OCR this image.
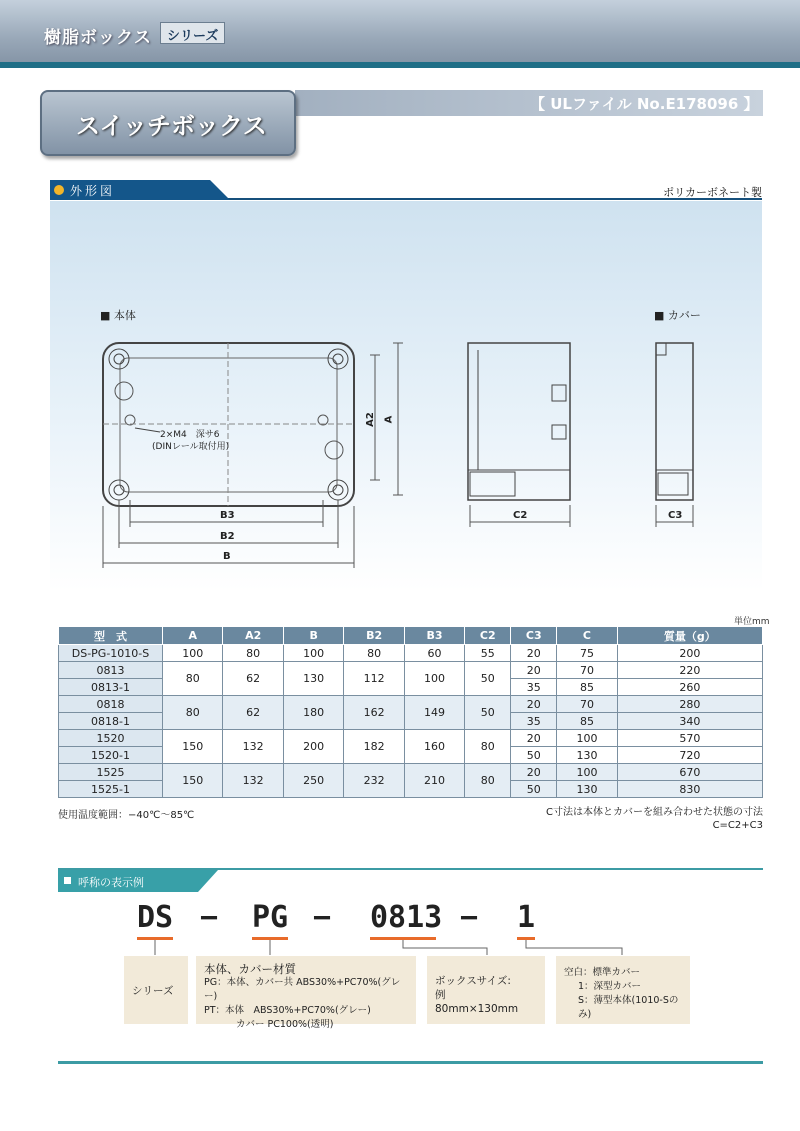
樹脂ボックス	シリーズ
【 ULファイル No.E178096 】
スイッチボックス
外形図	ポリカーボネート製
■ 本体	■ カバー
2×M4　深サ6
(DINレール取付用)
A2 A
B3
B2
B
C2	C3
単位mm
型　式	A	A2	B	B2	B3	C2	C3	C	質量（g）
DS-PG-1010-S	100	80	100	80	60	55	20	75	200
0813	80	62	130	112	100	50	20	70	220
0813-1							35	85	260
0818	80	62	180	162	149	50	20	70	280
0818-1							35	85	340
1520	150	132	200	182	160	80	20	100	570
1520-1							50	130	720
1525	150	132	250	232	210	80	20	100	670
1525-1							50	130	830
使用温度範囲：−40℃〜85℃	C寸法は本体とカバーを組み合わせた状態の寸法
C=C2+C3
呼称の表示例
DS − PG − 0813 − 1
シリーズ
本体、カバー材質
PG：本体、カバー共 ABS30%+PC70%(グレー)
PT：本体　ABS30%+PC70%(グレー)
カバー PC100%(透明)
ボックスサイズ:
例　80mm×130mm
空白：標準カバー
1：深型カバー
S：薄型本体(1010-Sのみ)
